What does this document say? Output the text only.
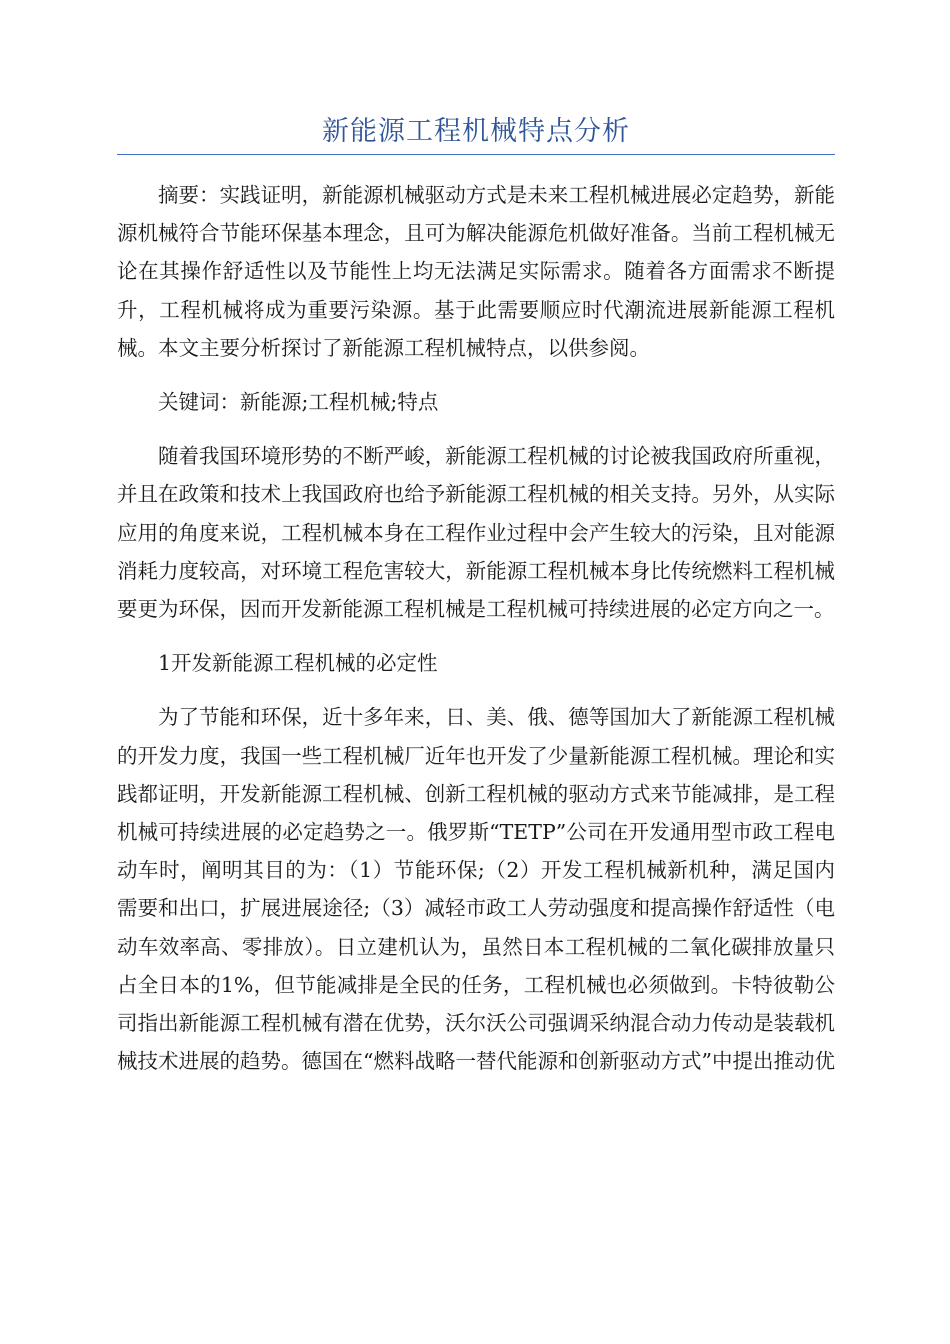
新能源工程机械特点分析

摘要：实践证明，新能源机械驱动方式是未来工程机械进展必定趋势，新能源机械符合节能环保基本理念，且可为解决能源危机做好准备。当前工程机械无论在其操作舒适性以及节能性上均无法满足实际需求。随着各方面需求不断提升，工程机械将成为重要污染源。基于此需要顺应时代潮流进展新能源工程机械。本文主要分析探讨了新能源工程机械特点，以供参阅。

关键词：新能源;工程机械;特点

随着我国环境形势的不断严峻，新能源工程机械的讨论被我国政府所重视，并且在政策和技术上我国政府也给予新能源工程机械的相关支持。另外，从实际应用的角度来说，工程机械本身在工程作业过程中会产生较大的污染，且对能源消耗力度较高，对环境工程危害较大，新能源工程机械本身比传统燃料工程机械要更为环保，因而开发新能源工程机械是工程机械可持续进展的必定方向之一。

1开发新能源工程机械的必定性

为了节能和环保，近十多年来，日、美、俄、德等国加大了新能源工程机械的开发力度，我国一些工程机械厂近年也开发了少量新能源工程机械。理论和实践都证明，开发新能源工程机械、创新工程机械的驱动方式来节能减排，是工程机械可持续进展的必定趋势之一。俄罗斯“TETP”公司在开发通用型市政工程电动车时，阐明其目的为：（1）节能环保;（2）开发工程机械新机种，满足国内需要和出口，扩展进展途径;（3）减轻市政工人劳动强度和提高操作舒适性（电动车效率高、零排放）。日立建机认为，虽然日本工程机械的二氧化碳排放量只占全日本的1%，但节能减排是全民的任务，工程机械也必须做到。卡特彼勒公司指出新能源工程机械有潜在优势，沃尔沃公司强调采纳混合动力传动是装载机械技术进展的趋势。德国在“燃料战略一替代能源和创新驱动方式”中提出推动优
